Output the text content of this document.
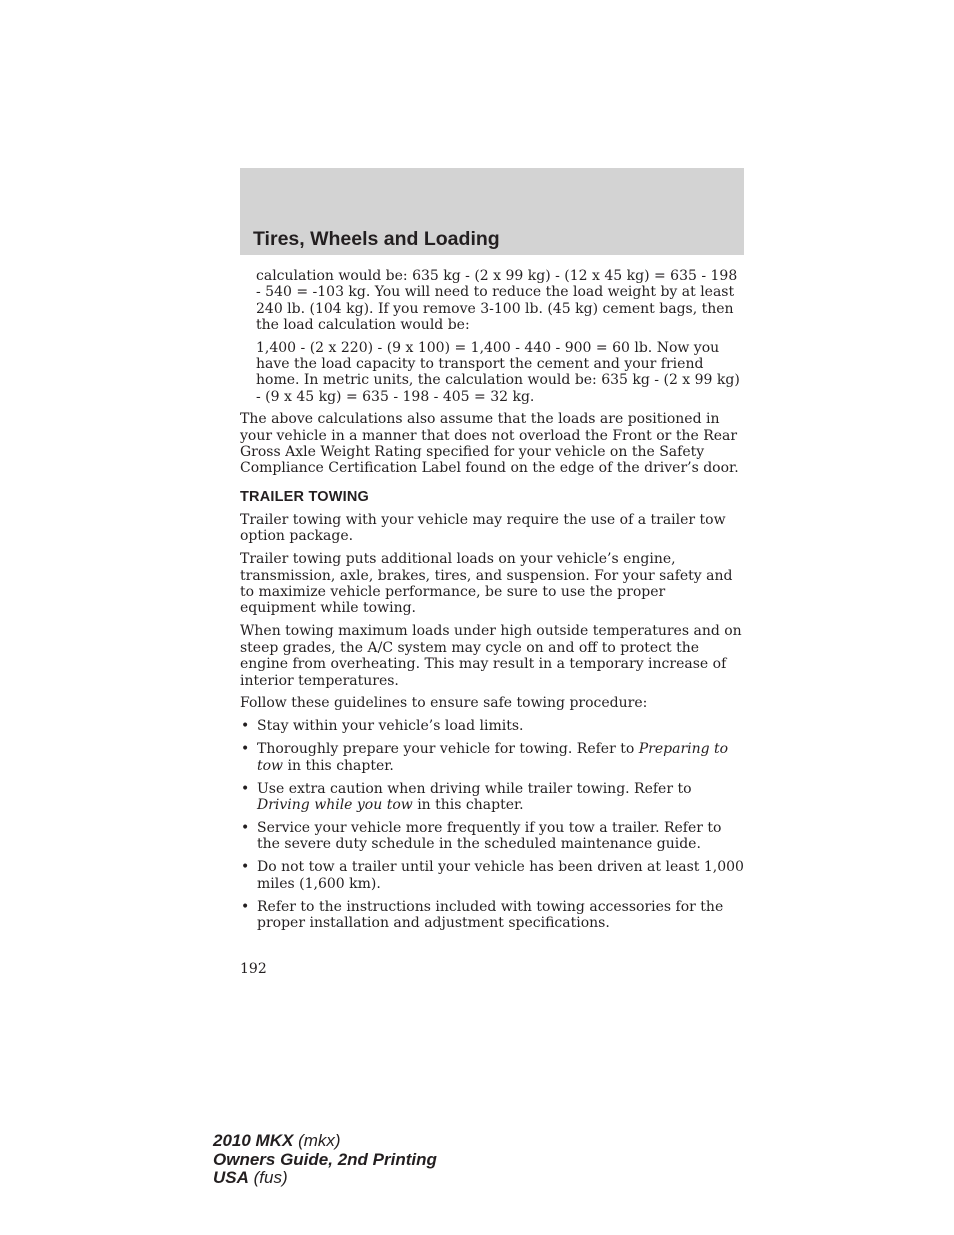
Tires, Wheels and Loading

calculation would be: 635 kg - (2 x 99 kg) - (12 x 45 kg) = 635 - 198 - 540 = -103 kg. You will need to reduce the load weight by at least 240 lb. (104 kg). If you remove 3-100 lb. (45 kg) cement bags, then the load calculation would be:

1,400 - (2 x 220) - (9 x 100) = 1,400 - 440 - 900 = 60 lb. Now you have the load capacity to transport the cement and your friend home. In metric units, the calculation would be: 635 kg - (2 x 99 kg) - (9 x 45 kg) = 635 - 198 - 405 = 32 kg.

The above calculations also assume that the loads are positioned in your vehicle in a manner that does not overload the Front or the Rear Gross Axle Weight Rating specified for your vehicle on the Safety Compliance Certification Label found on the edge of the driver’s door.

TRAILER TOWING

Trailer towing with your vehicle may require the use of a trailer tow option package.

Trailer towing puts additional loads on your vehicle’s engine, transmission, axle, brakes, tires, and suspension. For your safety and to maximize vehicle performance, be sure to use the proper equipment while towing.

When towing maximum loads under high outside temperatures and on steep grades, the A/C system may cycle on and off to protect the engine from overheating. This may result in a temporary increase of interior temperatures.

Follow these guidelines to ensure safe towing procedure:

• Stay within your vehicle’s load limits.
• Thoroughly prepare your vehicle for towing. Refer to Preparing to tow in this chapter.
• Use extra caution when driving while trailer towing. Refer to Driving while you tow in this chapter.
• Service your vehicle more frequently if you tow a trailer. Refer to the severe duty schedule in the scheduled maintenance guide.
• Do not tow a trailer until your vehicle has been driven at least 1,000 miles (1,600 km).
• Refer to the instructions included with towing accessories for the proper installation and adjustment specifications.
192
2010 MKX (mkx)
Owners Guide, 2nd Printing
USA (fus)
